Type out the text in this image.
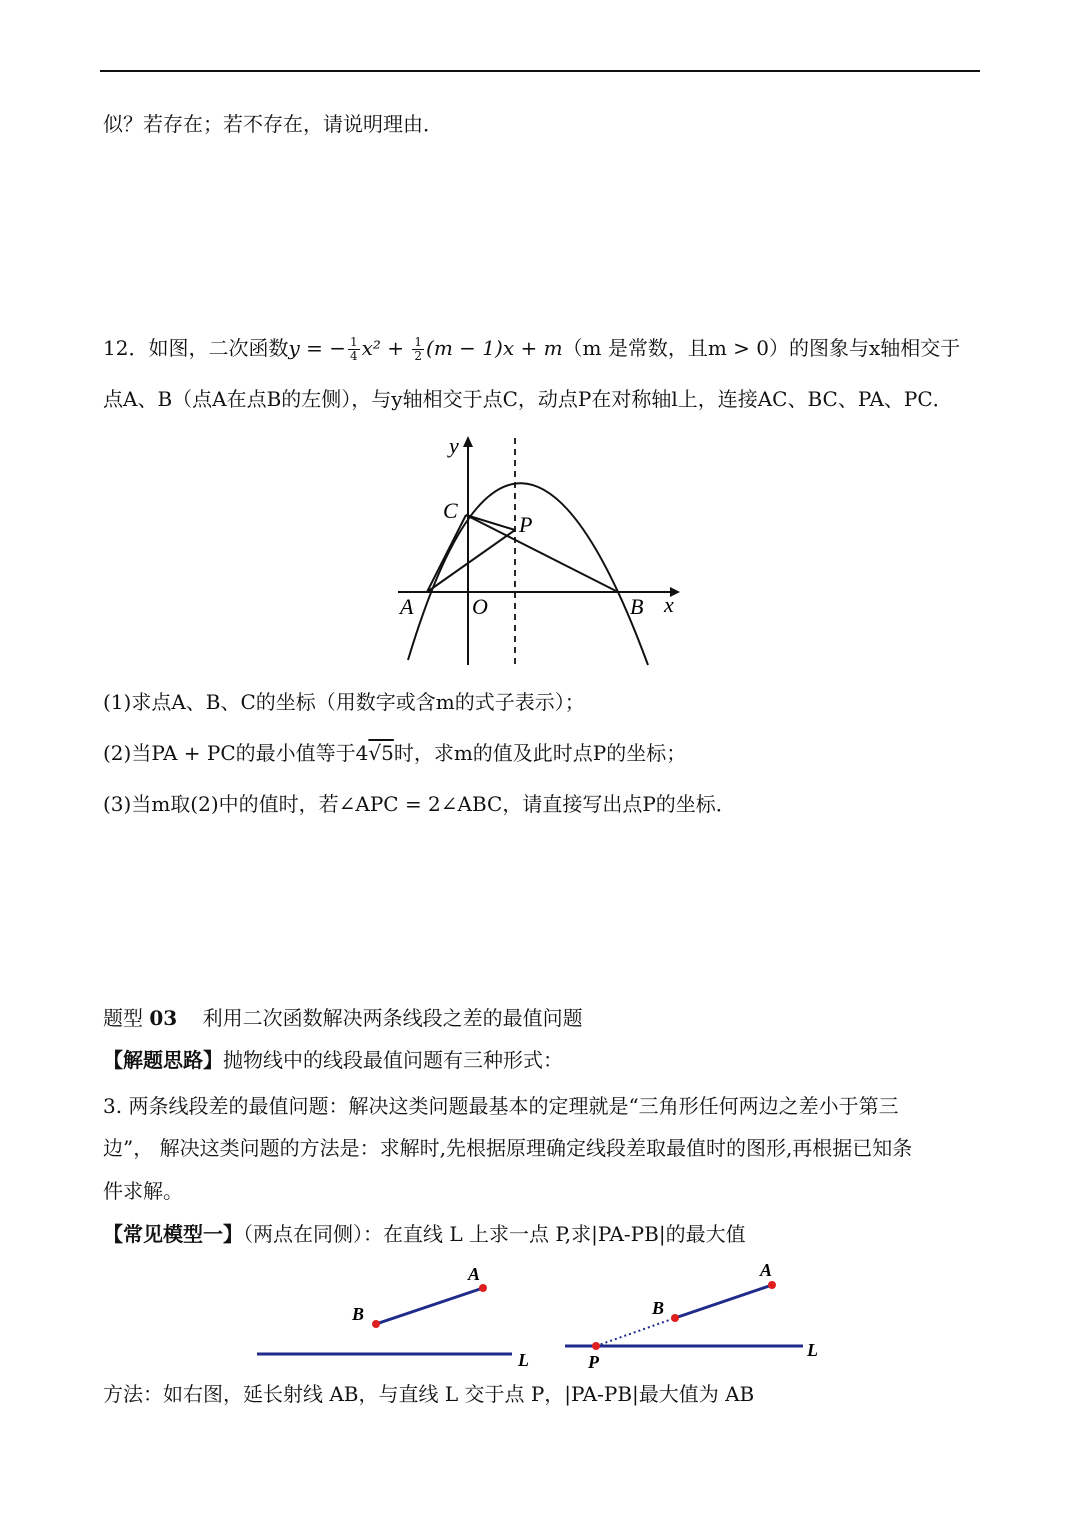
似？若存在；若不存在，请说明理由．
12．如图，二次函数y = − $\frac{1}{4} x^2 + \frac{1}{2} (m - 1)x + m(m$ 是常数，且m > 0）的图象与x轴相交于
点A、B（点A在点B的左侧），与y轴相交于点C，动点P在对称轴l上，连接AC、BC、PA、PC．
y
x
A	O	B
C
P
(1)求点A、B、C的坐标（用数字或含m的式子表示）；
(2)当PA + PC的最小值等于4√5时，求m的值及此时点P的坐标；
(3)当m取(2)中的值时，若∠APC = 2∠ABC，请直接写出点P的坐标．
题型 03 利用二次函数解决两条线段之差的最值问题
【解题思路】抛物线中的线段最值问题有三种形式：
3. 两条线段差的最值问题：解决这类问题最基本的定理就是“三角形任何两边之差小于第三
边”， 解决这类问题的方法是：求解时,先根据原理确定线段差取最值时的图形,再根据已知条
件求解。
【常见模型一】（两点在同侧）：在直线 L 上求一点 P,求|PA-PB|的最大值
A
B
L
A
B
L
P
方法：如右图，延长射线 AB，与直线 L 交于点 P，|PA-PB|最大值为 AB
